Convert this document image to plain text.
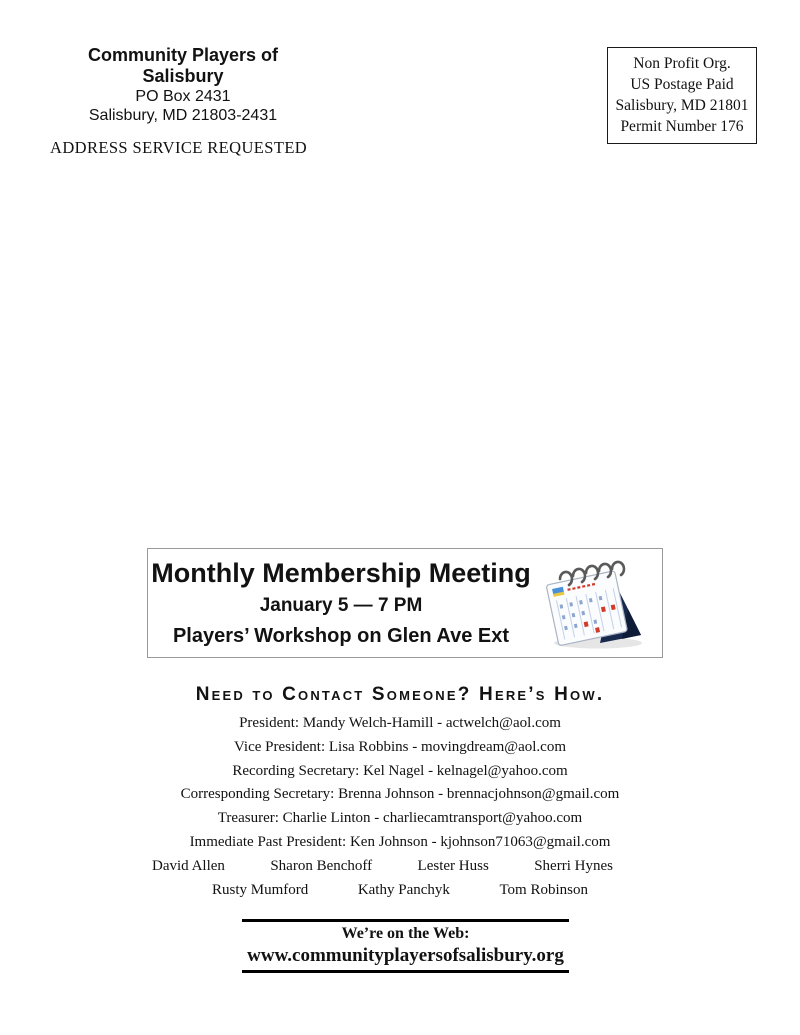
Community Players of Salisbury
PO Box 2431
Salisbury, MD 21803-2431
ADDRESS SERVICE REQUESTED
Non Profit Org.
US Postage Paid
Salisbury, MD 21801
Permit Number 176
Monthly Membership Meeting
January 5 — 7 PM
Players’ Workshop on Glen Ave Ext
Need to Contact Someone? Here’s How.
President: Mandy Welch-Hamill - actwelch@aol.com
Vice President: Lisa Robbins - movingdream@aol.com
Recording Secretary: Kel Nagel - kelnagel@yahoo.com
Corresponding Secretary: Brenna Johnson - brennacjohnson@gmail.com
Treasurer: Charlie Linton - charliecamtransport@yahoo.com
Immediate Past President: Ken Johnson - kjohnson71063@gmail.com
David Allen	Sharon Benchoff	Lester Huss	Sherri Hynes
Rusty Mumford	Kathy Panchyk	Tom Robinson
We’re on the Web:
www.communityplayersofsalisbury.org
